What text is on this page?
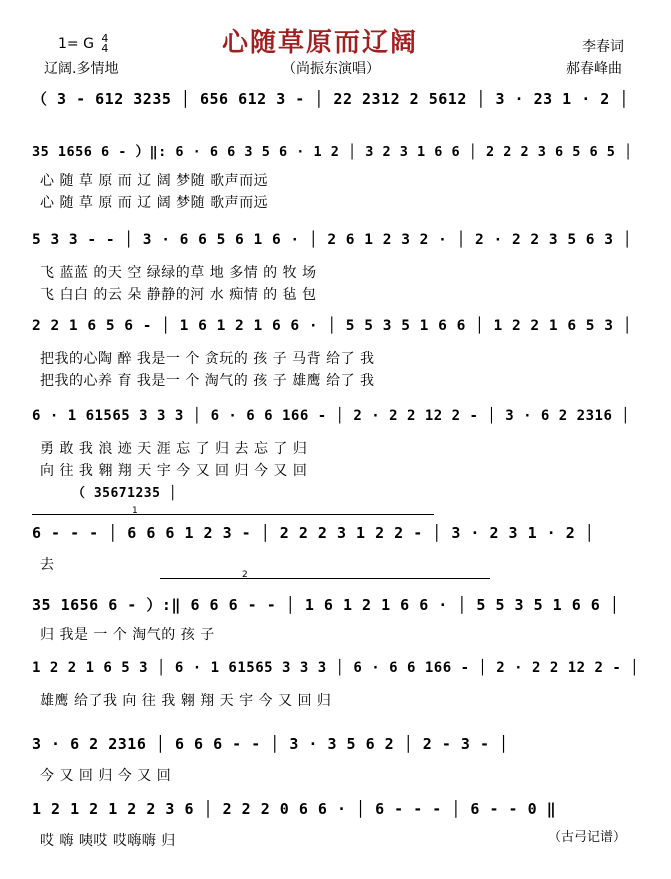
1= G 4
4	心随草原而辽阔	李春词
辽阔.多情地	（尚振东演唱）	郝春峰曲
（ 3 - 612 3235 │ 656 612 3 - │ 22 2312 2 5612 │ 3 · 23 1 · 2 │
35 1656 6 - ）‖: 6 · 6 6 3 5 6 · 1 2 │ 3 2 3 1 6 6 │ 2 2 2 3 6 5 6 5 │
心 随 草 原 而 辽 阔 梦随 歌声而远
心 随 草 原 而 辽 阔 梦随 歌声而远
5 3 3 - - │ 3 · 6 6 5 6 1 6 · │ 2 6 1 2 3 2 · │ 2 · 2 2 3 5 6 3 │
飞 蓝蓝 的天 空 绿绿的草 地 多情 的 牧 场
飞 白白 的云 朵 静静的河 水 痴情 的 毡 包
2 2 1 6 5 6 - │ 1 6 1 2 1 6 6 · │ 5 5 3 5 1 6 6 │ 1 2 2 1 6 5 3 │
把我的心陶 醉 我是一 个 贪玩的 孩 子 马背 给了 我
把我的心养 育 我是一 个 淘气的 孩 子 雄鹰 给了 我
6 · 1 61565 3 3 3 │ 6 · 6 6 166 - │ 2 · 2 2 12 2 - │ 3 · 6 2 2316 │
勇 敢 我 浪 迹 天 涯 忘 了 归 去 忘 了 归
向 往 我 翱 翔 天 宇 今 又 回 归 今 又 回
6 - - - │ 6 6 6 1 2 3 - │ 2 2 2 3 1 2 2 - │ 3 · 2 3 1 · 2 │
去
35 1656 6 - ）:‖ 6 6 6 - - │ 1 6 1 2 1 6 6 · │ 5 5 3 5 1 6 6 │
归 我是 一 个 淘气的 孩 子
1 2 2 1 6 5 3 │ 6 · 1 61565 3 3 3 │ 6 · 6 6 166 - │ 2 · 2 2 12 2 - │
雄鹰 给了我 向 往 我 翱 翔 天 宇 今 又 回 归
3 · 6 2 2316 │ 6 6 6 - - │ 3 · 3 5 6 2 │ 2 - 3 - │
今 又 回 归 今 又 回
1 2 1 2 1 2 2 3 6 │ 2 2 2 0 6 6 · │ 6 - - - │ 6 - - 0 ‖
哎 嗨 咦哎 哎嗨嗨 归
（ 35671235 │
1
2
（古弓记谱）
